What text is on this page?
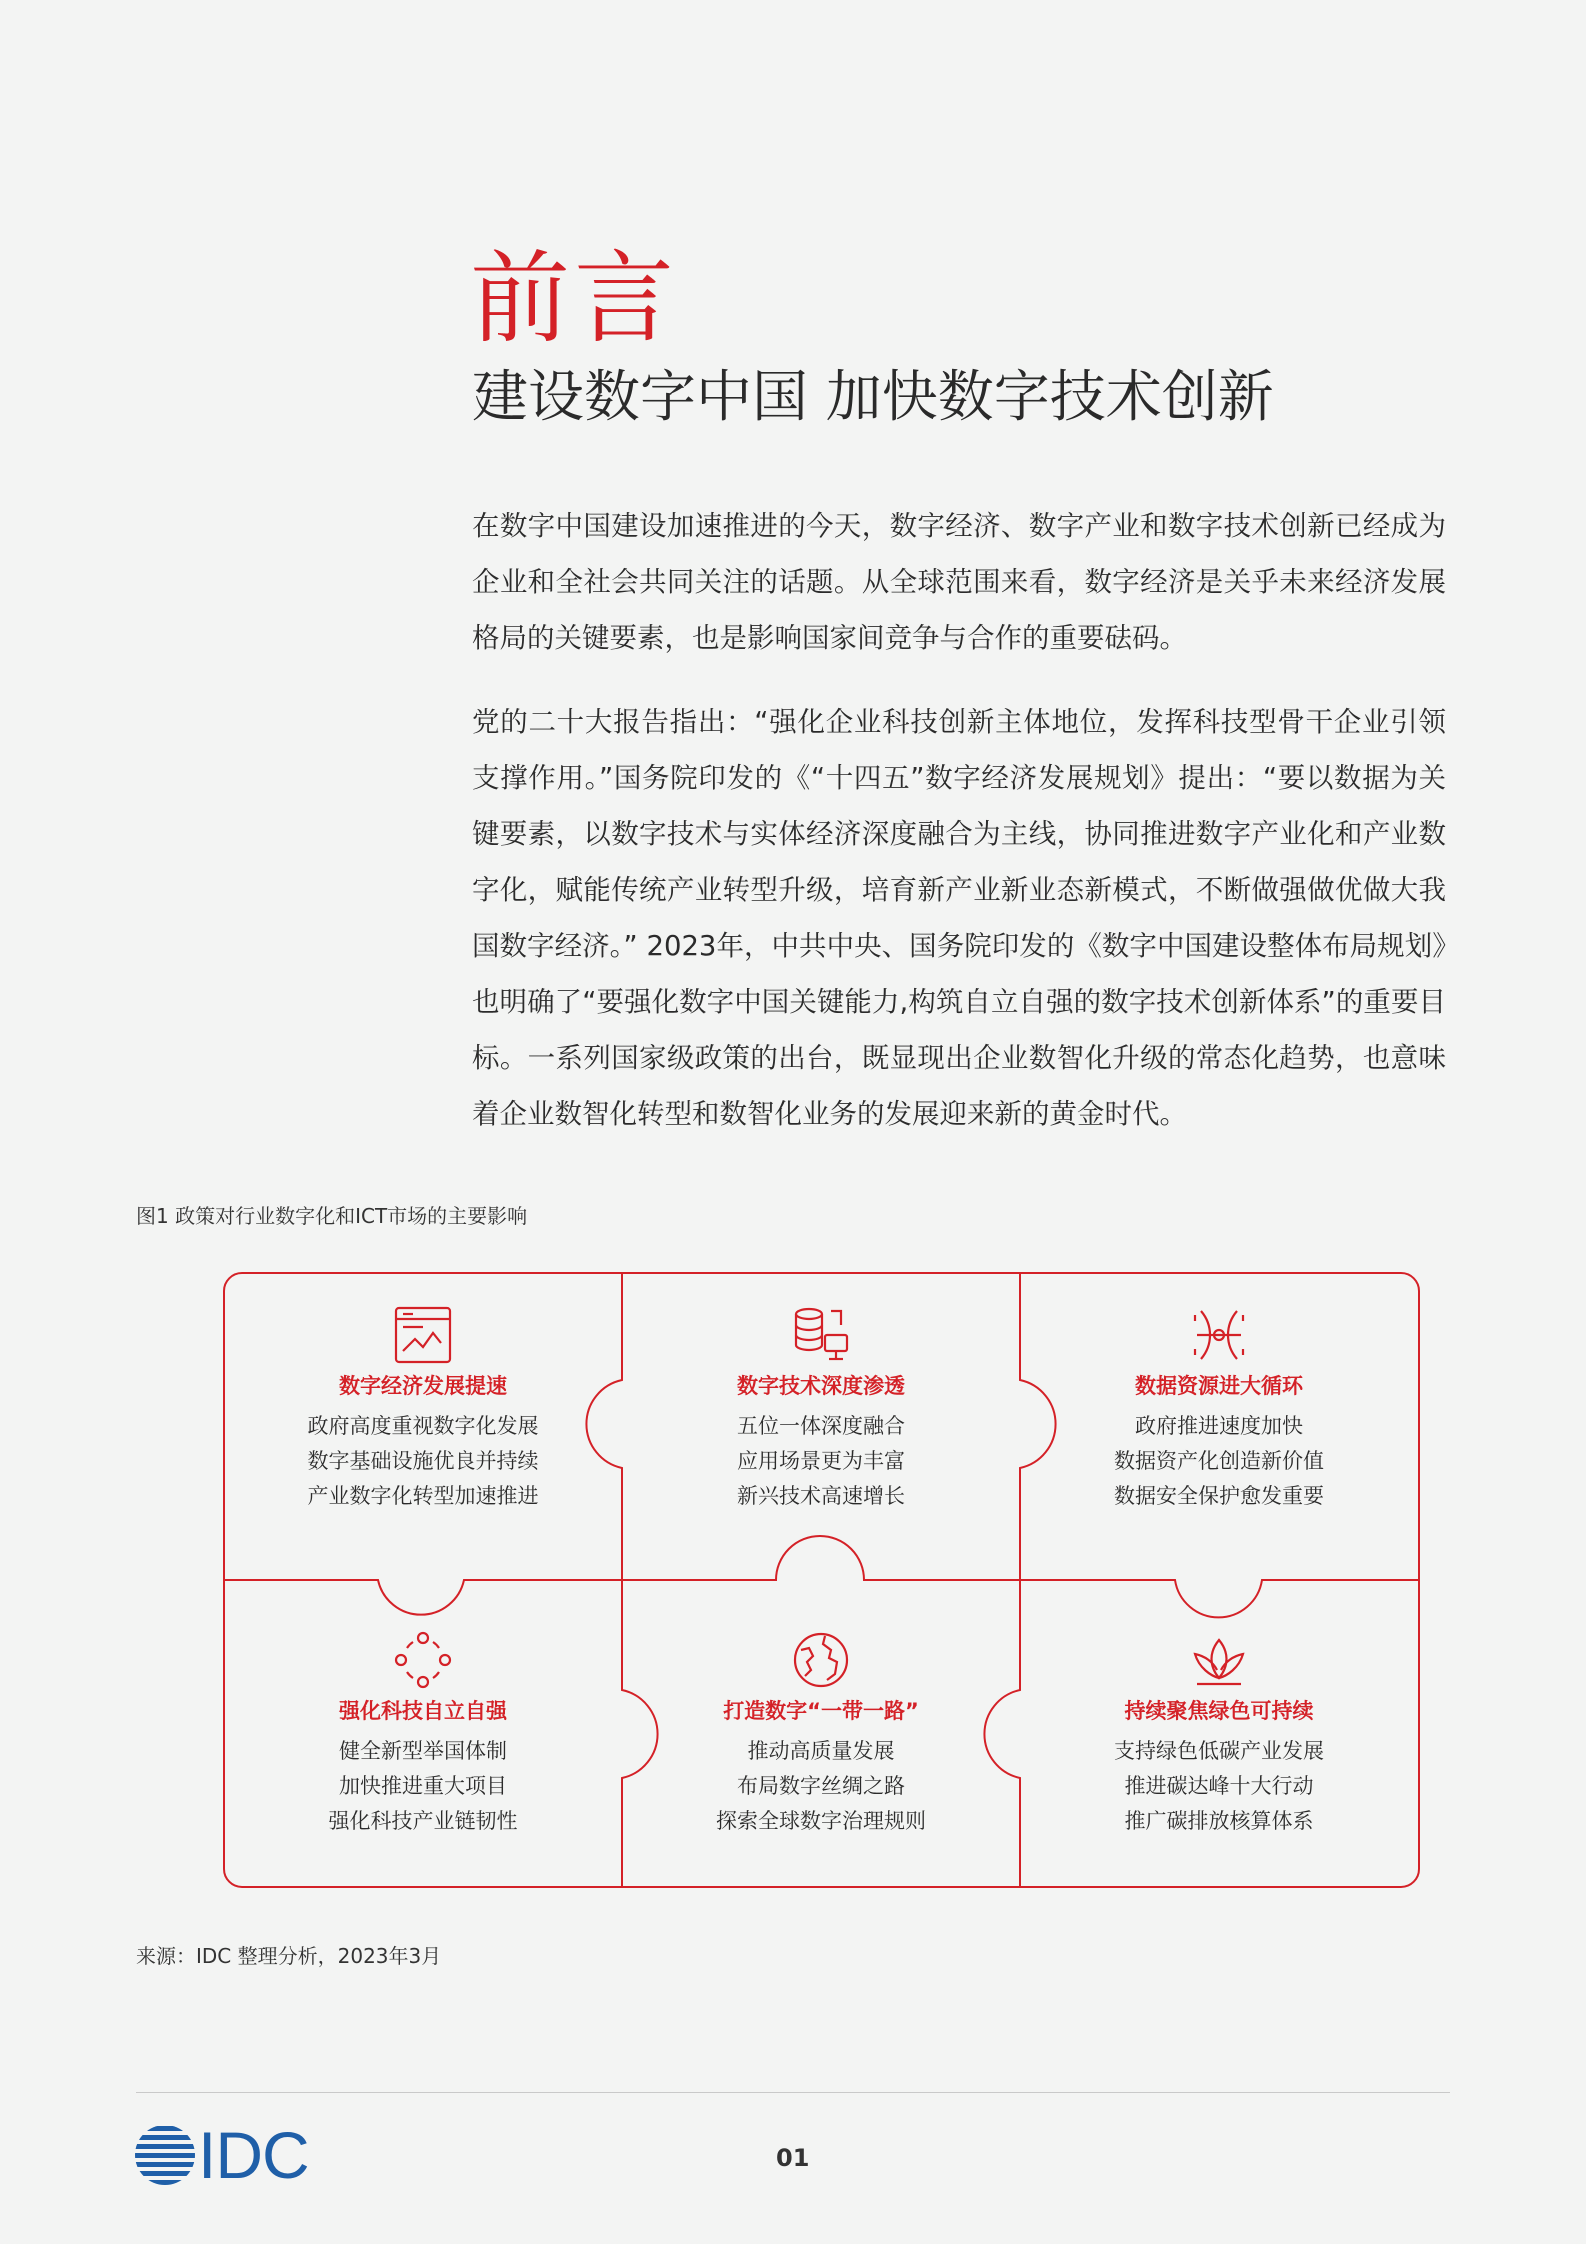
前言
建设数字中国 加快数字技术创新

在数字中国建设加速推进的今天，数字经济、数字产业和数字技术创新已经成为企业和全社会共同关注的话题。从全球范围来看，数字经济是关乎未来经济发展格局的关键要素，也是影响国家间竞争与合作的重要砝码。

党的二十大报告指出：“强化企业科技创新主体地位，发挥科技型骨干企业引领支撑作用。”国务院印发的《“十四五”数字经济发展规划》提出：“要以数据为关键要素，以数字技术与实体经济深度融合为主线，协同推进数字产业化和产业数字化，赋能传统产业转型升级，培育新产业新业态新模式，不断做强做优做大我国数字经济。” 2023年，中共中央、国务院印发的《数字中国建设整体布局规划》也明确了“要强化数字中国关键能力,构筑自立自强的数字技术创新体系”的重要目标。一系列国家级政策的出台，既显现出企业数智化升级的常态化趋势，也意味着企业数智化转型和数智化业务的发展迎来新的黄金时代。

图1 政策对行业数字化和ICT市场的主要影响
数字经济发展提速
政府高度重视数字化发展
数字基础设施优良并持续
产业数字化转型加速推进
数字技术深度渗透
五位一体深度融合
应用场景更为丰富
新兴技术高速增长
数据资源进大循环
政府推进速度加快
数据资产化创造新价值
数据安全保护愈发重要
强化科技自立自强
健全新型举国体制
加快推进重大项目
强化科技产业链韧性
打造数字“一带一路”
推动高质量发展
布局数字丝绸之路
探索全球数字治理规则
持续聚焦绿色可持续
支持绿色低碳产业发展
推进碳达峰十大行动
推广碳排放核算体系
来源：IDC 整理分析，2023年3月
IDC	01
